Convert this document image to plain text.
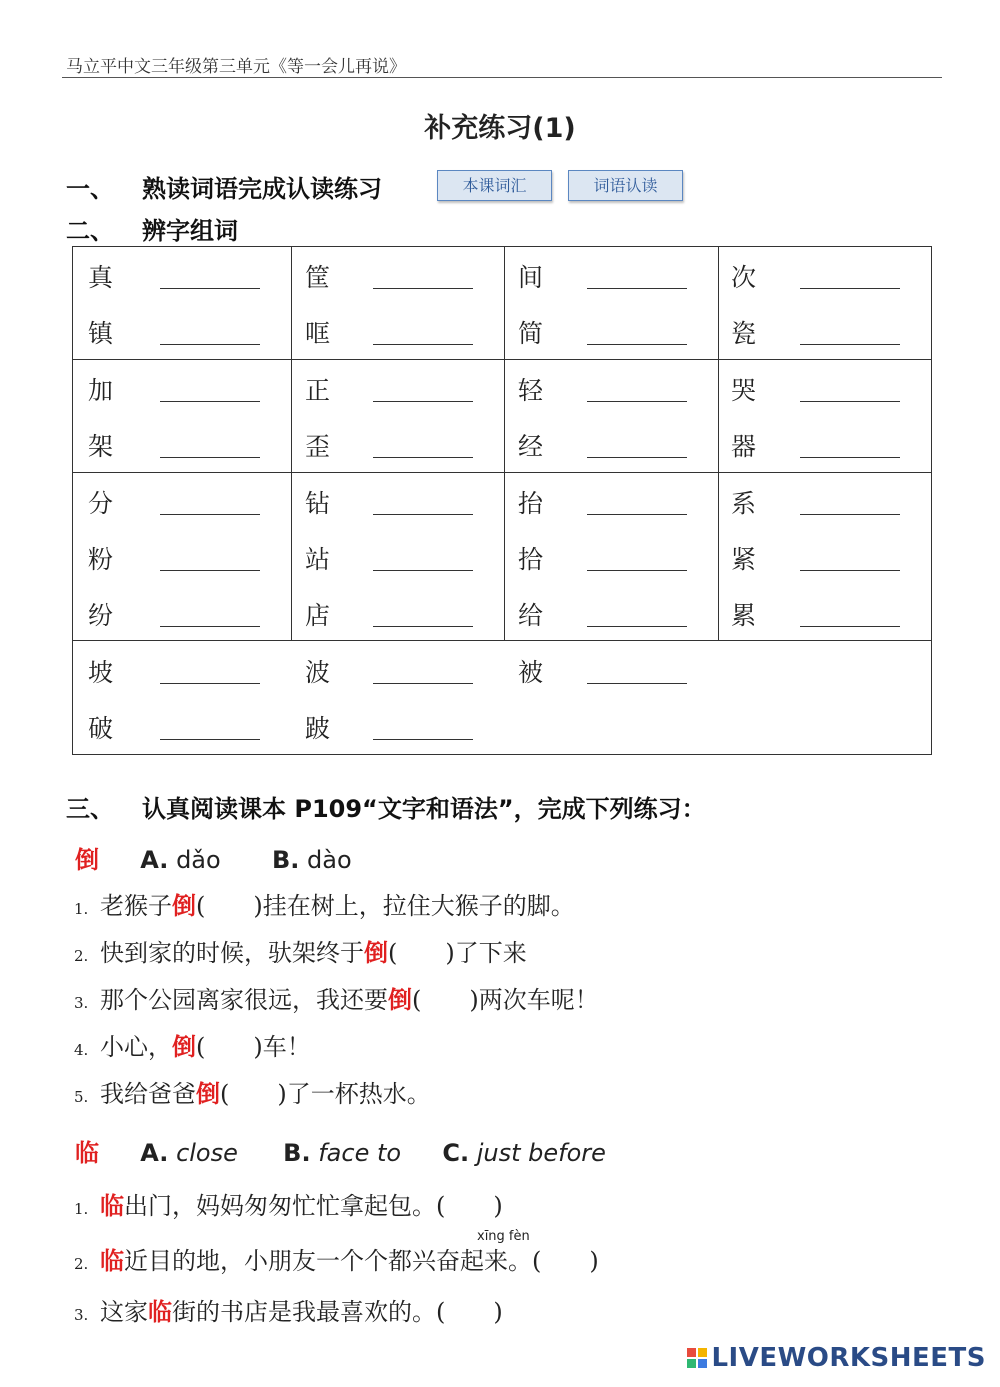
马立平中文三年级第三单元《等一会儿再说》
补充练习(1)
一、 熟读词语完成认读练习	本课词汇	词语认读
二、 辨字组词
真
镇
筐
哐
间
简
次
瓷
加
架
正
歪
轻
经
哭
器
分
粉
纷
钻
站
店
抬
拾
给
系
紧
累
坡
破
波
跛
被
三、 认真阅读课本 P109“文字和语法”，完成下列练习：
倒 A. dǎo B. dào
1. 老猴子倒(　　)挂在树上，拉住大猴子的脚。
2. 快到家的时候，驮架终于倒(　　)了下来
3. 那个公园离家很远，我还要倒(　　)两次车呢！
4. 小心，倒(　　)车！
5. 我给爸爸倒(　　)了一杯热水。
临 A. close B. face to C. just before
1. 临出门，妈妈匆匆忙忙拿起包。(　　)
xīng fèn
2. 临近目的地，小朋友一个个都兴奋起来。(　　)
3. 这家临街的书店是我最喜欢的。(　　)
LIVEWORKSHEETS
